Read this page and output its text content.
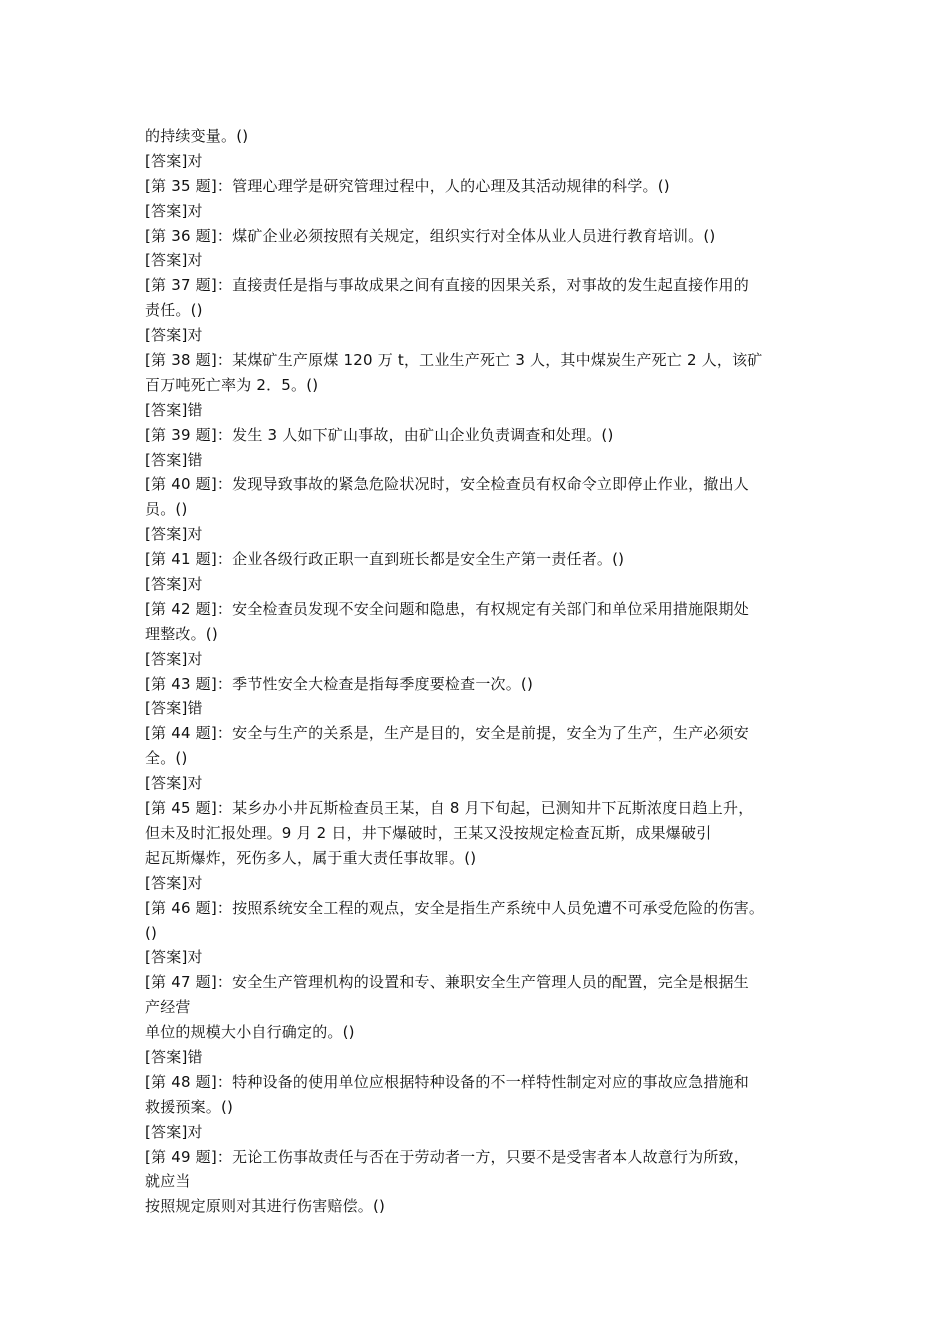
的持续变量。()
[答案]对
[第 35 题]：管理心理学是研究管理过程中，人的心理及其活动规律的科学。()
[答案]对
[第 36 题]：煤矿企业必须按照有关规定，组织实行对全体从业人员进行教育培训。()
[答案]对
[第 37 题]：直接责任是指与事故成果之间有直接的因果关系，对事故的发生起直接作用的
责任。()
[答案]对
[第 38 题]：某煤矿生产原煤 120 万 t，工业生产死亡 3 人，其中煤炭生产死亡 2 人，该矿
百万吨死亡率为 2．5。()
[答案]错
[第 39 题]：发生 3 人如下矿山事故，由矿山企业负责调查和处理。()
[答案]错
[第 40 题]：发现导致事故的紧急危险状况时，安全检查员有权命令立即停止作业，撤出人
员。()
[答案]对
[第 41 题]：企业各级行政正职一直到班长都是安全生产第一责任者。()
[答案]对
[第 42 题]：安全检查员发现不安全问题和隐患，有权规定有关部门和单位采用措施限期处
理整改。()
[答案]对
[第 43 题]：季节性安全大检查是指每季度要检查一次。()
[答案]错
[第 44 题]：安全与生产的关系是，生产是目的，安全是前提，安全为了生产，生产必须安
全。()
[答案]对
[第 45 题]：某乡办小井瓦斯检查员王某，自 8 月下旬起，已测知井下瓦斯浓度日趋上升，
但未及时汇报处理。9 月 2 日，井下爆破时，王某又没按规定检查瓦斯，成果爆破引
起瓦斯爆炸，死伤多人，属于重大责任事故罪。()
[答案]对
[第 46 题]：按照系统安全工程的观点，安全是指生产系统中人员免遭不可承受危险的伤害。
()
[答案]对
[第 47 题]：安全生产管理机构的设置和专、兼职安全生产管理人员的配置，完全是根据生
产经营
单位的规模大小自行确定的。()
[答案]错
[第 48 题]：特种设备的使用单位应根据特种设备的不一样特性制定对应的事故应急措施和
救援预案。()
[答案]对
[第 49 题]：无论工伤事故责任与否在于劳动者一方，只要不是受害者本人故意行为所致，
就应当
按照规定原则对其进行伤害赔偿。()
